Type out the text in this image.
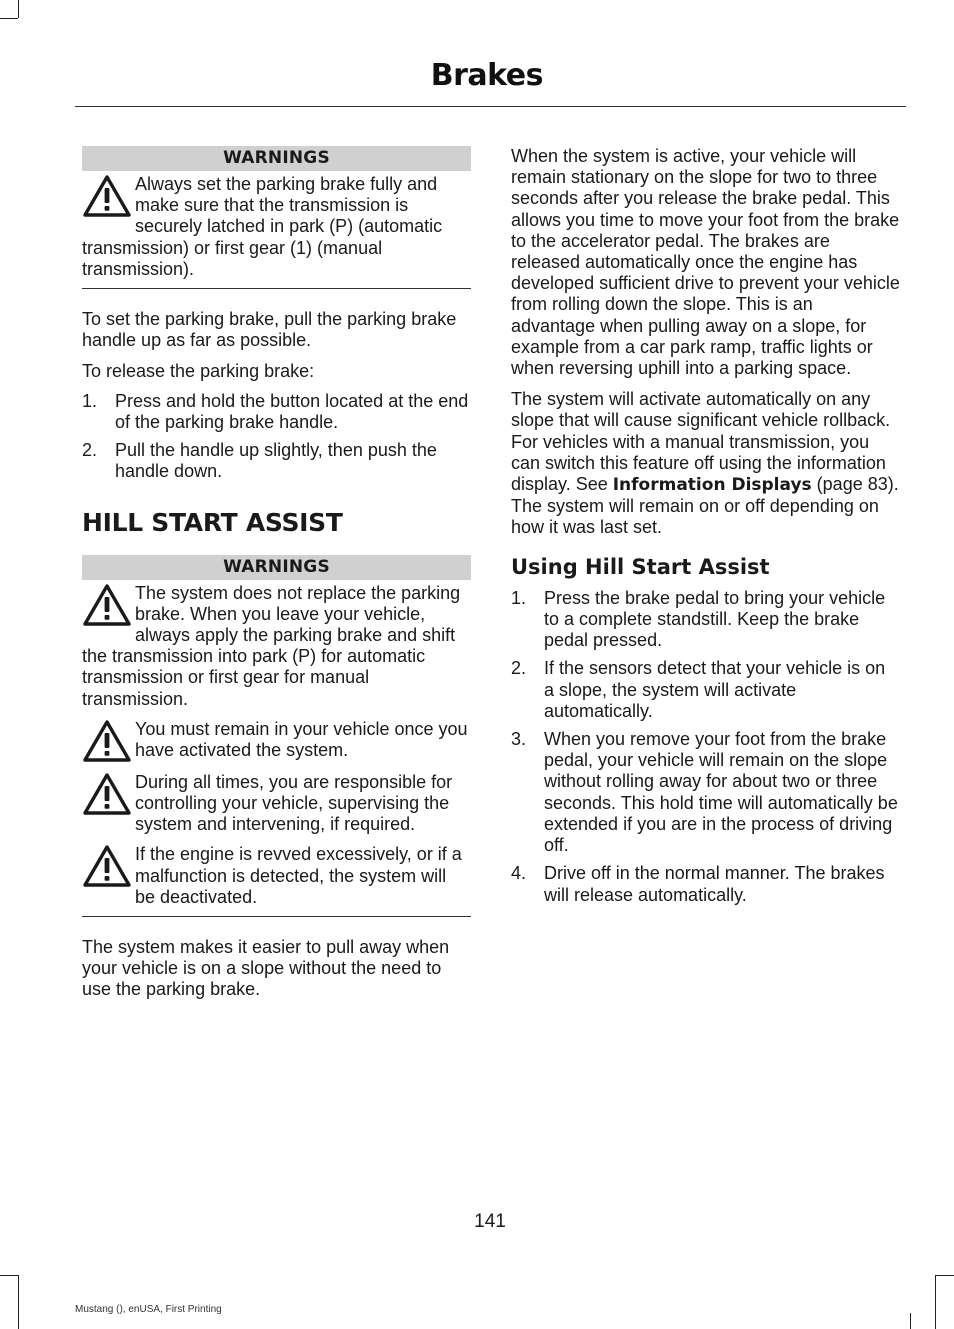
Brakes
WARNINGS
Always set the parking brake fully and make sure that the transmission is securely latched in park (P) (automatic transmission) or first gear (1) (manual transmission).

To set the parking brake, pull the parking brake handle up as far as possible.

To release the parking brake:

1. Press and hold the button located at the end of the parking brake handle.
2. Pull the handle up slightly, then push the handle down.
HILL START ASSIST
WARNINGS
The system does not replace the parking brake. When you leave your vehicle, always apply the parking brake and shift the transmission into park (P) for automatic transmission or first gear for manual transmission.
You must remain in your vehicle once you have activated the system.
During all times, you are responsible for controlling your vehicle, supervising the system and intervening, if required.
If the engine is revved excessively, or if a malfunction is detected, the system will be deactivated.

The system makes it easier to pull away when your vehicle is on a slope without the need to use the parking brake.

When the system is active, your vehicle will remain stationary on the slope for two to three seconds after you release the brake pedal. This allows you time to move your foot from the brake to the accelerator pedal. The brakes are released automatically once the engine has developed sufficient drive to prevent your vehicle from rolling down the slope. This is an advantage when pulling away on a slope, for example from a car park ramp, traffic lights or when reversing uphill into a parking space.

The system will activate automatically on any slope that will cause significant vehicle rollback. For vehicles with a manual transmission, you can switch this feature off using the information display. See Information Displays (page 83). The system will remain on or off depending on how it was last set.

Using Hill Start Assist
1. Press the brake pedal to bring your vehicle to a complete standstill. Keep the brake pedal pressed.
2. If the sensors detect that your vehicle is on a slope, the system will activate automatically.
3. When you remove your foot from the brake pedal, your vehicle will remain on the slope without rolling away for about two or three seconds. This hold time will automatically be extended if you are in the process of driving off.
4. Drive off in the normal manner. The brakes will release automatically.
141
Mustang (), enUSA, First Printing
